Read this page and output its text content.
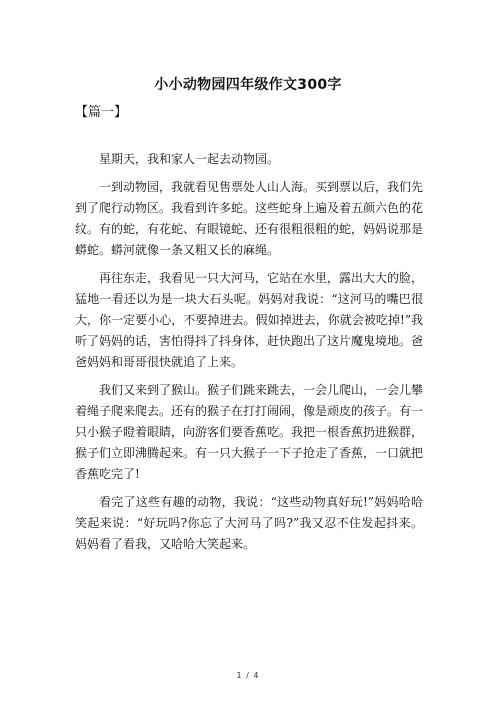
小小动物园四年级作文300字
【篇一】

星期天，我和家人一起去动物园。

一到动物园，我就看见售票处人山人海。买到票以后，我们先到了爬行动物区。我看到许多蛇。这些蛇身上遍及着五颜六色的花纹。有的蛇，有花蛇、有眼镜蛇、还有很粗很粗的蛇，妈妈说那是蟒蛇。蟒河就像一条又粗又长的麻绳。

再往东走，我看见一只大河马，它站在水里，露出大大的脸，猛地一看还以为是一块大石头呢。妈妈对我说：“这河马的嘴巴很大，你一定要小心，不要掉进去。假如掉进去，你就会被吃掉!”我听了妈妈的话，害怕得抖了抖身体，赶快跑出了这片魔鬼境地。爸爸妈妈和哥哥很快就追了上来。

我们又来到了猴山。猴子们跳来跳去，一会儿爬山，一会儿攀着绳子爬来爬去。还有的猴子在打打闹闹，像是顽皮的孩子。有一只小猴子瞪着眼睛，向游客们要香蕉吃。我把一根香蕉扔进猴群，猴子们立即沸腾起来。有一只大猴子一下子抢走了香蕉，一口就把香蕉吃完了!

看完了这些有趣的动物，我说：“这些动物真好玩!”妈妈哈哈笑起来说：“好玩吗?你忘了大河马了吗?”我又忍不住发起抖来。妈妈看了看我，又哈哈大笑起来。

1 / 4
